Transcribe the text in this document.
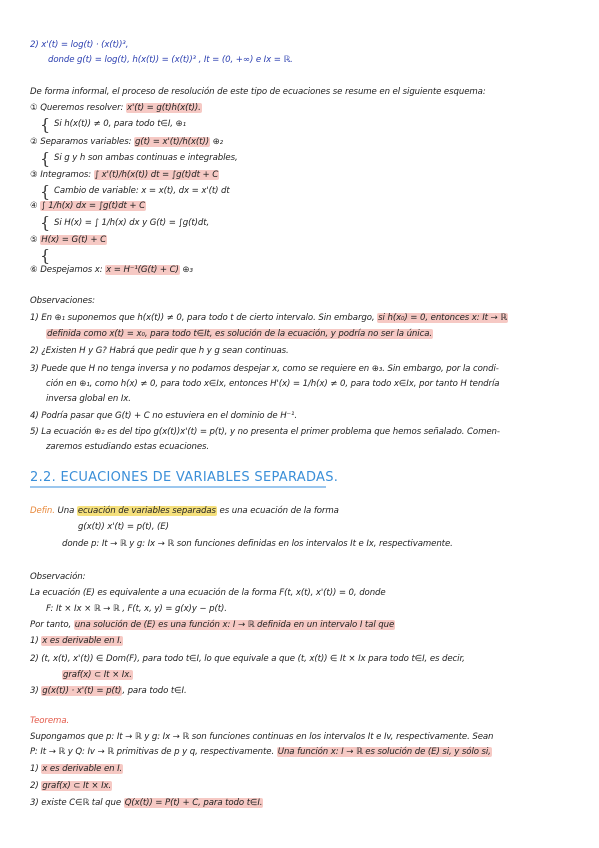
2) x'(t) = log(t) · (x(t))³,
donde g(t) = log(t), h(x(t)) = (x(t))³ , It = (0, +∞) e Ix = ℝ.
De forma informal, el proceso de resolución de este tipo de ecuaciones se resume en el siguiente esquema:
① Queremos resolver: x'(t) = g(t)h(x(t)).
{ Si h(x(t)) ≠ 0, para todo t∈I, ⊕₁
② Separamos variables: g(t) = x'(t)/h(x(t)) ⊕₂
{ Si g y h son ambas continuas e integrables,
③ Integramos: ∫ x'(t)/h(x(t)) dt = ∫g(t)dt + C
{ Cambio de variable: x = x(t), dx = x'(t) dt
④ ∫ 1/h(x) dx = ∫g(t)dt + C
{ Si H(x) = ∫ 1/h(x) dx y G(t) = ∫g(t)dt,
⑤ H(x) = G(t) + C
{
⑥ Despejamos x: x = H⁻¹(G(t) + C) ⊕₃
Observaciones:
1) En ⊕₁ suponemos que h(x(t)) ≠ 0, para todo t de cierto intervalo. Sin embargo, si h(x₀) = 0, entonces x: It → ℝ
definida como x(t) = x₀, para todo t∈It, es solución de la ecuación, y podría no ser la única.
2) ¿Existen H y G? Habrá que pedir que h y g sean continuas.
3) Puede que H no tenga inversa y no podamos despejar x, como se requiere en ⊕₃. Sin embargo, por la condi-
ción en ⊕₁, como h(x) ≠ 0, para todo x∈Ix, entonces H'(x) = 1/h(x) ≠ 0, para todo x∈Ix, por tanto H tendría
inversa global en Ix.
4) Podría pasar que G(t) + C no estuviera en el dominio de H⁻¹.
5) La ecuación ⊕₂ es del tipo g(x(t))x'(t) = p(t), y no presenta el primer problema que hemos señalado. Comen-
zaremos estudiando estas ecuaciones.
2.2. ECUACIONES DE VARIABLES SEPARADAS.
Defin. Una ecuación de variables separadas es una ecuación de la forma
g(x(t)) x'(t) = p(t), (E)
donde p: It → ℝ y g: Ix → ℝ son funciones definidas en los intervalos It e Ix, respectivamente.
Observación:
La ecuación (E) es equivalente a una ecuación de la forma F(t, x(t), x'(t)) = 0, donde
F: It × Ix × ℝ → ℝ , F(t, x, y) = g(x)y − p(t).
Por tanto, una solución de (E) es una función x: I → ℝ definida en un intervalo I tal que
1) x es derivable en I.
2) (t, x(t), x'(t)) ∈ Dom(F), para todo t∈I, lo que equivale a que (t, x(t)) ∈ It × Ix para todo t∈I, es decir,
graf(x) ⊂ It × Ix.
3) g(x(t)) · x'(t) = p(t), para todo t∈I.
Teorema.
Supongamos que p: It → ℝ y g: Ix → ℝ son funciones continuas en los intervalos It e Iv, respectivamente. Sean
P: It → ℝ y Q: Iv → ℝ primitivas de p y q, respectivamente. Una función x: I → ℝ es solución de (E) si, y sólo si,
1) x es derivable en I.
2) graf(x) ⊂ It × Ix.
3) existe C∈ℝ tal que Q(x(t)) = P(t) + C, para todo t∈I.
